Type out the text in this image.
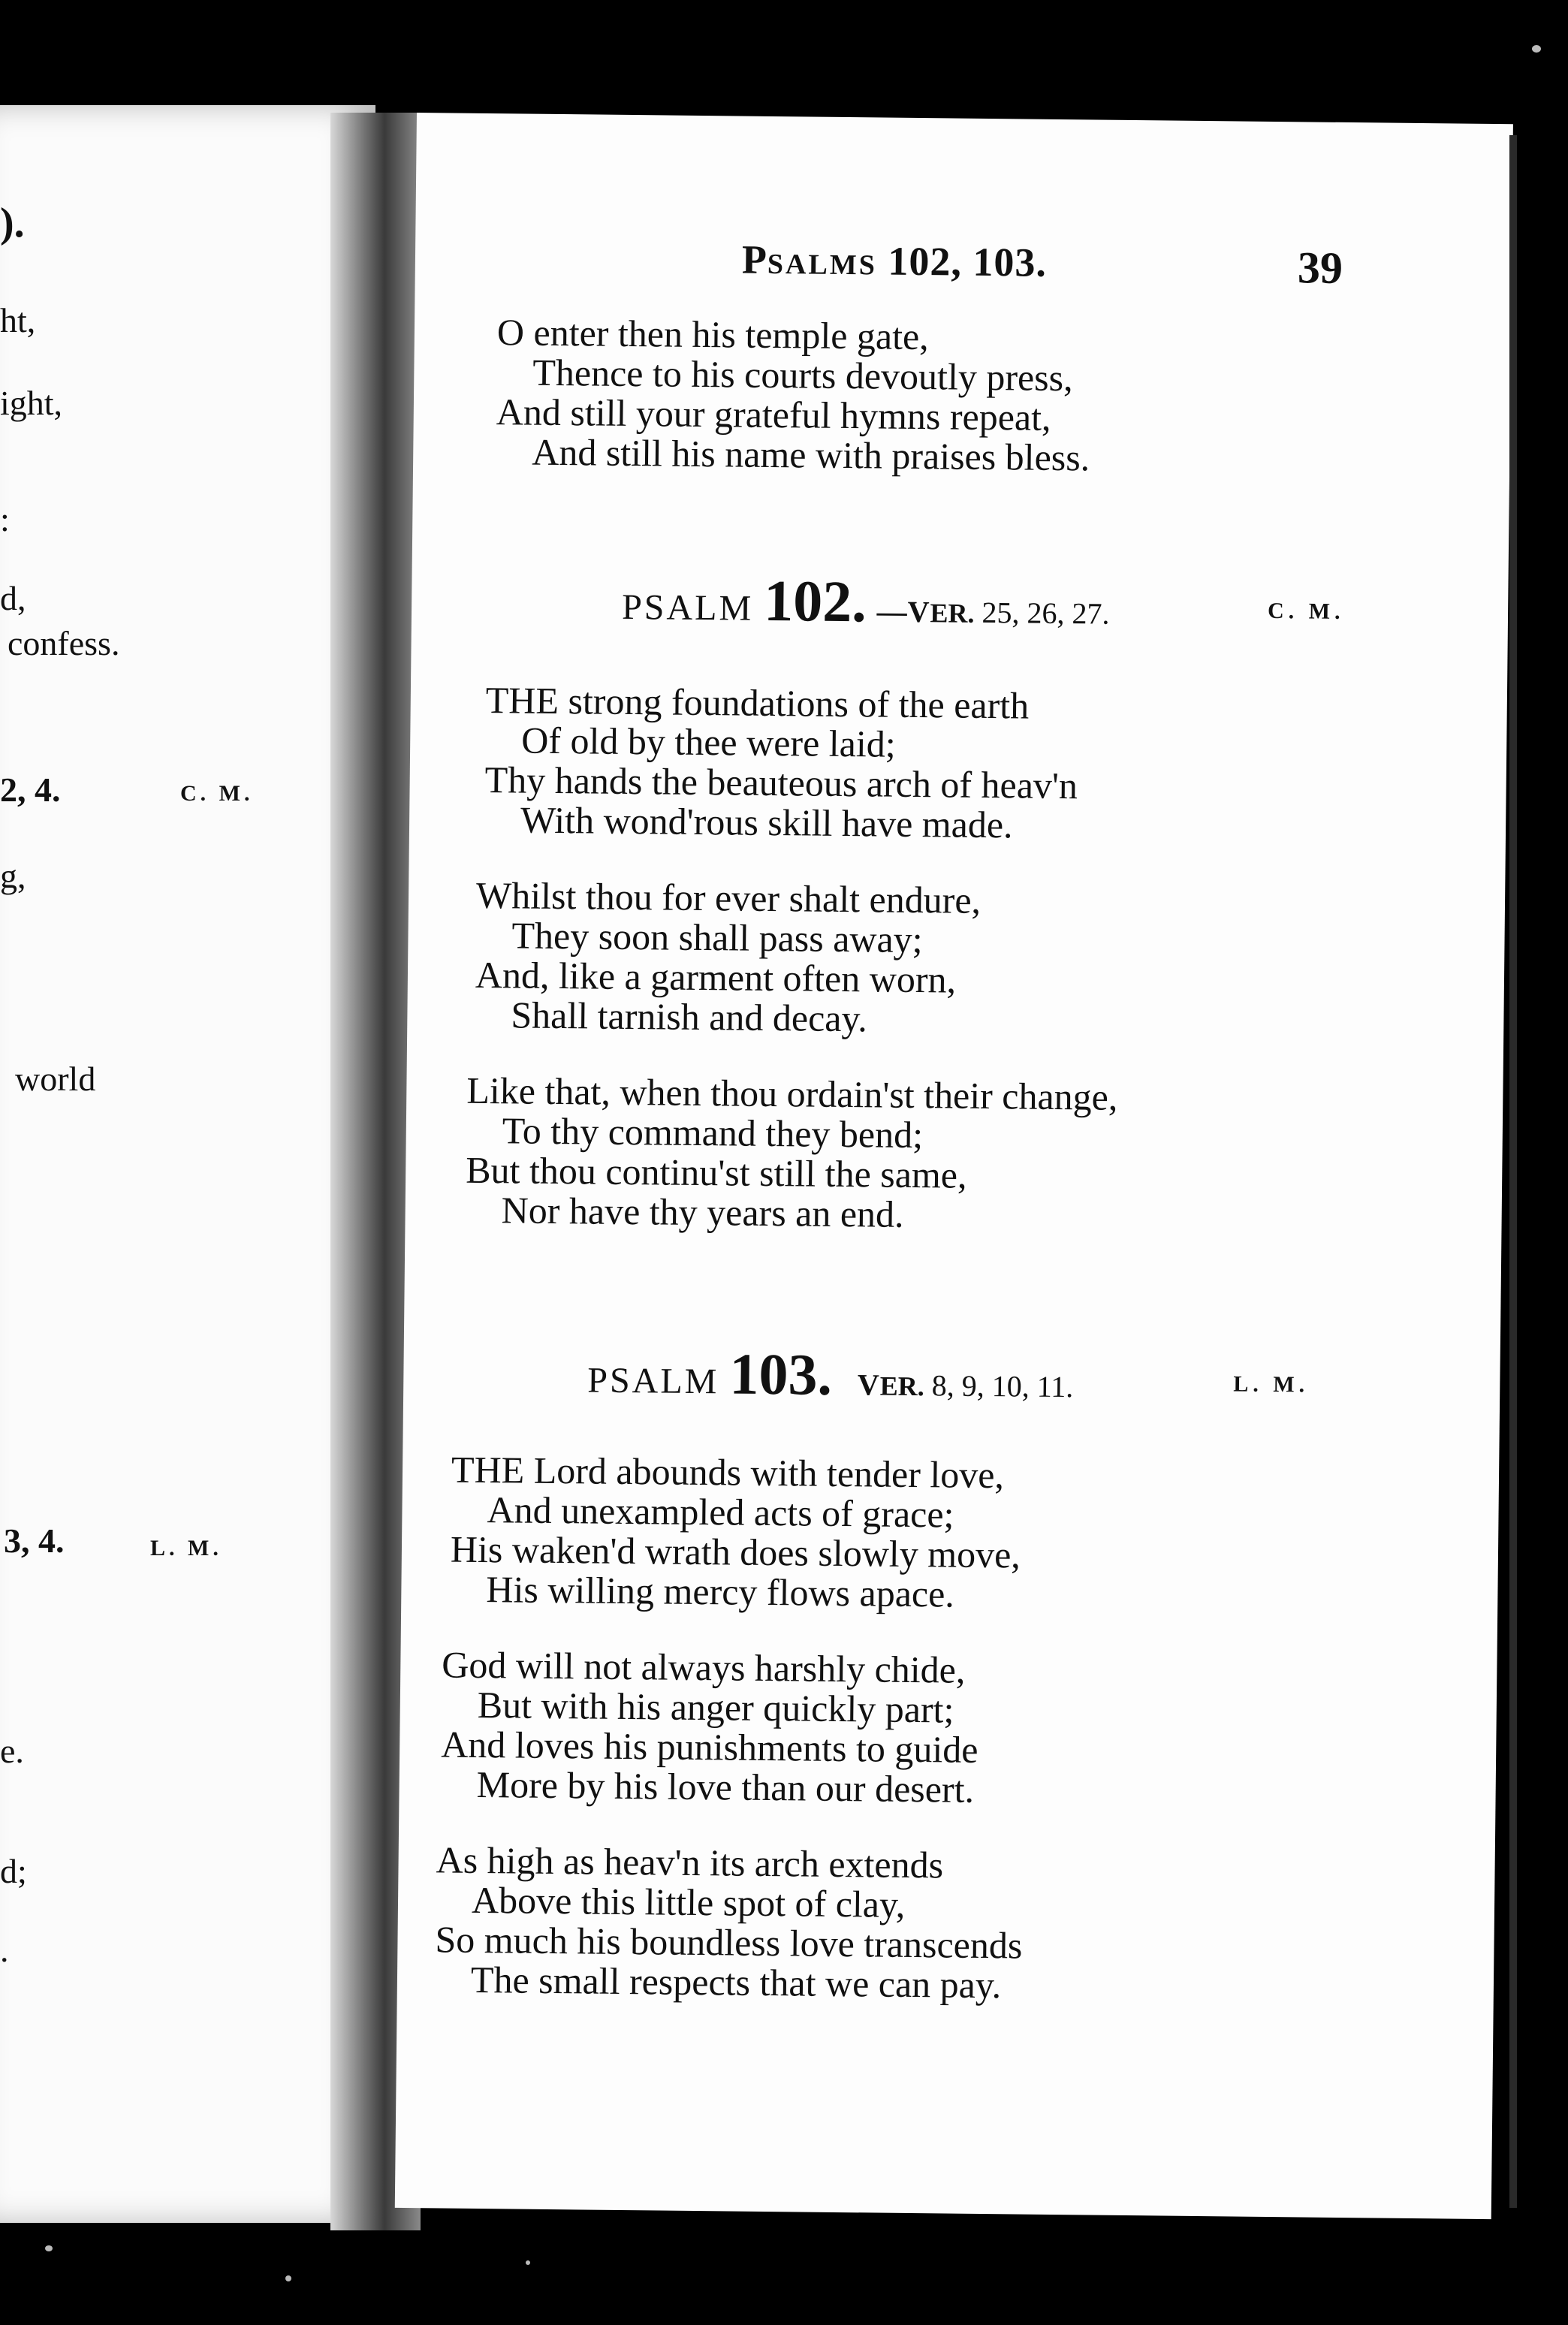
).
ht,
ight,
:
d,
confess.
2, 4.	C. M.
g,
world
3, 4.	L. M.
e.
d;
.
PSALMS 102, 103.	39
O enter then his temple gate,
Thence to his courts devoutly press,
And still your grateful hymns repeat,
And still his name with praises bless.
PSALM 102. —VER. 25, 26, 27.	C. M.
THE strong foundations of the earth
Of old by thee were laid;
Thy hands the beauteous arch of heav'n
With wond'rous skill have made.
Whilst thou for ever shalt endure,
They soon shall pass away;
And, like a garment often worn,
Shall tarnish and decay.
Like that, when thou ordain'st their change,
To thy command they bend;
But thou continu'st still the same,
Nor have thy years an end.
PSALM 103. VER. 8, 9, 10, 11.	L. M.
THE Lord abounds with tender love,
And unexampled acts of grace;
His waken'd wrath does slowly move,
His willing mercy flows apace.
God will not always harshly chide,
But with his anger quickly part;
And loves his punishments to guide
More by his love than our desert.
As high as heav'n its arch extends
Above this little spot of clay,
So much his boundless love transcends
The small respects that we can pay.
